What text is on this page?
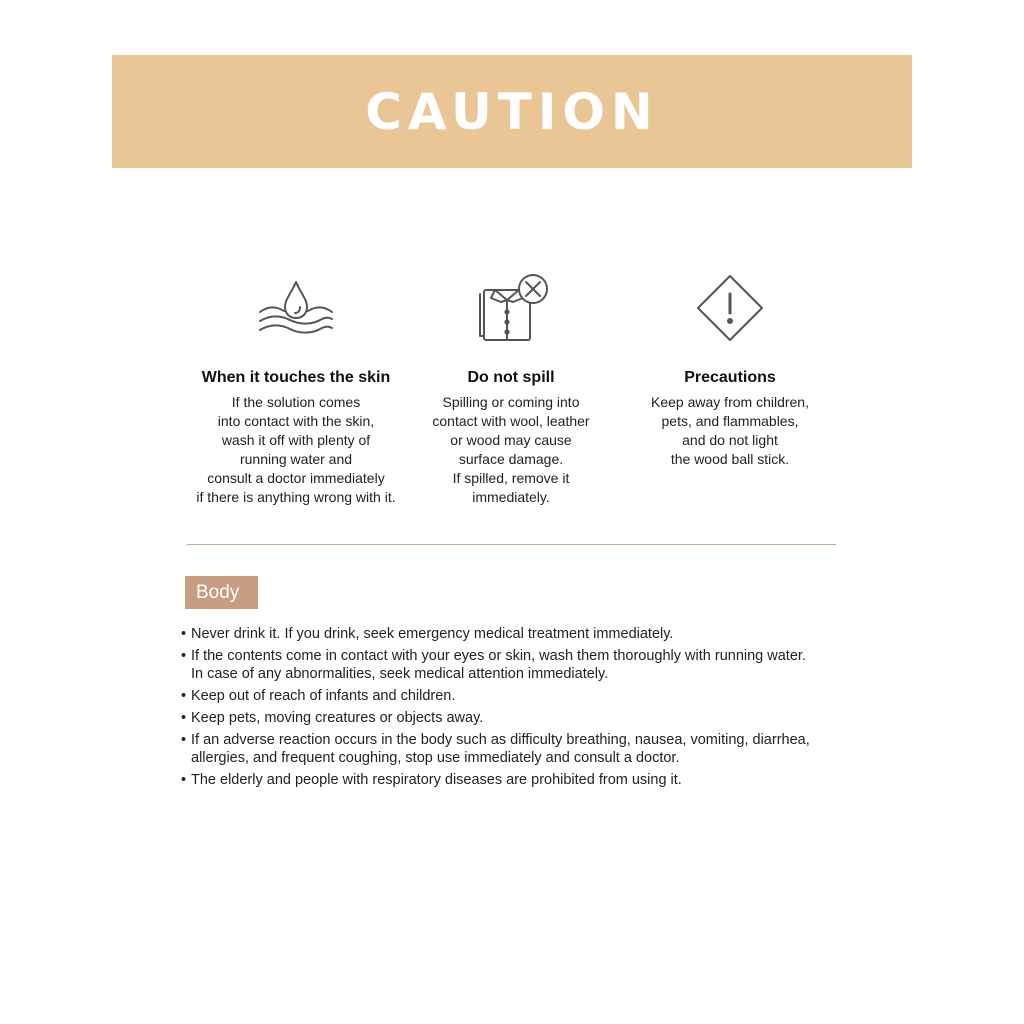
CAUTION
When it touches the skin
If the solution comes
into contact with the skin,
wash it off with plenty of
running water and
consult a doctor immediately
if there is anything wrong with it.
Do not spill
Spilling or coming into
contact with wool, leather
or wood may cause
surface damage.
If spilled, remove it
immediately.
Precautions
Keep away from children,
pets, and flammables,
and do not light
the wood ball stick.
Body
• Never drink it. If you drink, seek emergency medical treatment immediately.
• If the contents come in contact with your eyes or skin, wash them thoroughly with running water.
In case of any abnormalities, seek medical attention immediately.
• Keep out of reach of infants and children.
• Keep pets, moving creatures or objects away.
• If an adverse reaction occurs in the body such as difficulty breathing, nausea, vomiting, diarrhea,
allergies, and frequent coughing, stop use immediately and consult a doctor.
• The elderly and people with respiratory diseases are prohibited from using it.
